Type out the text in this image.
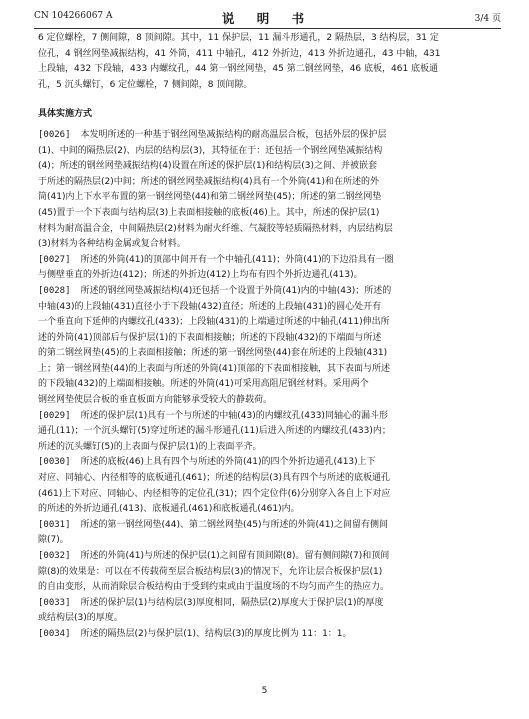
CN 104266067 A	说 明 书	3/4 页
6 定位螺栓，7 侧间隙，8 顶间隙。其中，11 保护层，11 漏斗形通孔，2 隔热层，3 结构层，31 定
位孔，4 钢丝网垫减振结构，41 外筒，411 中轴孔，412 外折边，413 外折边通孔，43 中轴，431
上段轴，432 下段轴，433 内螺纹孔，44 第一钢丝网垫，45 第二钢丝网垫，46 底板，461 底板通
孔，5 沉头螺钉，6 定位螺栓，7 侧间隙，8 顶间隙。
具体实施方式
[0026]  本发明所述的一种基于钢丝网垫减振结构的耐高温层合板，包括外层的保护层
(1)、中间的隔热层(2)、内层的结构层(3)，其特征在于：还包括一个钢丝网垫减振结构
(4)；所述的钢丝网垫减振结构(4)设置在所述的保护层(1)和结构层(3)之间、并被嵌套
于所述的隔热层(2)中间；所述的钢丝网垫减振结构(4)具有一个外筒(41)和在所述的外
筒(41)内上下水平布置的第一钢丝网垫(44)和第二钢丝网垫(45)；所述的第二钢丝网垫
(45)置于一个下表面与结构层(3)上表面相接触的底板(46)上。其中，所述的保护层(1)
材料为耐高温合金，中间隔热层(2)材料为耐火纤维、气凝胶等轻质隔热材料，内层结构层
(3)材料为各种结构金属或复合材料。
[0027]  所述的外筒(41)的顶部中间开有一个中轴孔(411)；外筒(41)的下边沿具有一圈
与侧壁垂直的外折边(412)；所述的外折边(412)上均布有四个外折边通孔(413)。
[0028]  所述的钢丝网垫减振结构(4)还包括一个设置于外筒(41)内的中轴(43)；所述的
中轴(43)的上段轴(431)直径小于下段轴(432)直径；所述的上段轴(431)的圆心处开有
一个垂直向下延伸的内螺纹孔(433)；上段轴(431)的上端通过所述的中轴孔(411)伸出所
述的外筒(41)顶部后与保护层(1)的下表面相接触；所述的下段轴(432)的下端面与所述
的第二钢丝网垫(45)的上表面相接触；所述的第一钢丝网垫(44)套在所述的上段轴(431)
上；第一钢丝网垫(44)的上表面与所述的外筒(41)顶部的下表面相接触，其下表面与所述
的下段轴(432)的上端面相接触。所述的外筒(41)可采用高阻尼钢丝材料。采用两个
钢丝网垫使层合板的垂直板面方向能够承受较大的静载荷。
[0029]  所述的保护层(1)具有一个与所述的中轴(43)的内螺纹孔(433)同轴心的漏斗形
通孔(11)；一个沉头螺钉(5)穿过所述的漏斗形通孔(11)后进入所述的内螺纹孔(433)内；
所述的沉头螺钉(5)的上表面与保护层(1)的上表面平齐。
[0030]  所述的底板(46)上具有四个与所述的外筒(41)的四个外折边通孔(413)上下
对应、同轴心、内径相等的底板通孔(461)；所述的结构层(3)具有四个与所述的底板通孔
(461)上下对应、同轴心、内径相等的定位孔(31)；四个定位件(6)分别穿入各自上下对应
的所述的外折边通孔(413)、底板通孔(461)和底板通孔(461)内。
[0031]  所述的第一钢丝网垫(44)、第二钢丝网垫(45)与所述的外筒(41)之间留有侧间
隙(7)。
[0032]  所述的外筒(41)与所述的保护层(1)之间留有顶间隙(8)。留有侧间隙(7)和顶间
隙(8)的效果是：可以在不传载荷至层合板结构层(3)的情况下，允许让层合板保护层(1)
的自由变形，从而消除层合板结构由于受到约束或由于温度场的不均匀而产生的热应力。
[0033]  所述的保护层(1)与结构层(3)厚度相同，隔热层(2)厚度大于保护层(1)的厚度
或结构层(3)的厚度。
[0034]  所述的隔热层(2)与保护层(1)、结构层(3)的厚度比例为 11：1：1。
5
